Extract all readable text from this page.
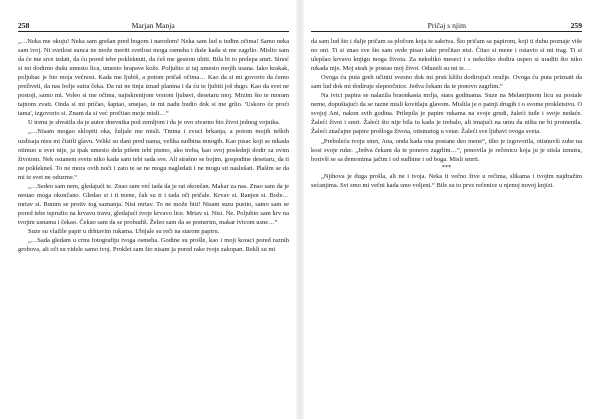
258	Marjan Manja

„…Neka me okuju! Neka sam grešan pred bogom i narodom! Neka sam lud u tuđim očima! Samo neka sam tvoj. Ni svetlost sunca ne može meriti svetlost moga osmeha i duše kada si me zagrlio. Mislio sam da će me srce izdati, da ću pored tebe pokleknuti, da ćeš me gestom ubiti. Bila bi to prelepa smrt. Sinoć si mi dodirno dušu umesto lica, umesto hrapave kože. Poljubio si taj umesto mojih usana. Iako krakak, poljubac je bio moja večnost. Kada me ljubiš, a potom pričaš očima… Kao da si mi govorio da ćemo preživeti, da nas bolje sutra čeka. Da rat ne tinja iznad planina i da ću te ljubiti još dugo. Kao da svet ne postoji, samo mi. Voleo si me očima, najiskrenijom vrstom ljubavi, desetaru moj. Mrzim što te moram tajnom zvati. Onda si mi pričao, šaptao, smejao, te mi nadu budio dok si me grlio. 'Uskoro će proći tama', izgovorio si. Znam da si već pročitao moje misli…“

U trenu je shvatila da je autor dnevnika pod zemljom i da je ovo stvarno bio život jednog vojnika.

„…Nisam mogao sklopiti oka, žuljale me misli. Tmina i zvuci brkanja, a potom mojih teških uzdisaja nisu mi čistili glavu. Veliki su dani pred nama, velika sudbina mnogih. Kao pisac koji se nikada otimuo u svet nije, ja ipak umesto dela pišem tebi pismo, ako treba, kao svoj poslednji dodir sa ovim životom. Nek ostanem svetu niko kada sam tebi sada sve. Ali strašno se bojim, gospodine desetaru, da ti ne pokleknеš. To ne mora ovih noći i zato te se ne mogu nagledati i ne mogu sit naslušati. Plašim se da mi te svet ne oduzme.“

„…Sedeo sam nem, gledajući te. Znao sam već tada da je rat okončan. Makar za nas. Znao sam da je nestao moga okončano. Gledao si i ti mene, čak su ti i tada oči pričale. Krvav si. Ranjen si. Bože… mrtav si. Bunim se protiv tog saznanja. Nisi mrtav. To ne može biti! Nisam suzu pustio, samo sam se pored tebe ispružio na krvavu travu, gledajući tvoje krvavo lice. Mrtav si. Nisi. Ne. Poljubio sam krv na tvojim usnama i čekao. Čekao sam da se probudiš. Želeo sam da se pomerim, makar ivicom usne…“

Suze su vlažile papir u drhtavim rukama. Ubijale su reči na starom papiru.

„…Sada gledam u crnu fotografiju tvoga osmeha. Godine su prošle, kao i moji koraci pored raznih grobova, ali oči su videle samo tvoj. Proklet sam što nisam ja pored rake tvoje zakopan. Rekli su mi

Pričaj s njim	259

da sam lud što i dalje pričam sa pločom koja te sakriva. Što pričam sa papirom, koji ti duhu poznaje više no oni. Ti si znao sve što sam ovde pisao iako pročitao nisi. Čitao si mene i ostavio si mi trag. Ti si ulepšao krvavu knjigu moga života. Za nekoliko meseci i s nekoliko dodira uspeo si uraditi što niko nikada nije. Moj strah je postao moj život. Oduzeli su mi te…

Ovoga ću puta greh učiniti svesno dok mi prsti kližu dodirujući oružje. Ovoga ću puta priznati da sam lud dok mi dodiruje slepoočnice. Jedva čekam da te ponovo zagrlim.“

Na ivici papira se nalazila braonkasta mrlja, stara godinama. Suze na Melanijinom licu su postale neme, dopuštajući da se razne misli kovitlaju glavom. Mislila je o patnji drugih i o svome prokletstvu. O svojoj Ani, nakon svih godina. Prilepila je papire rukama na svoje grudi, žaleći tuđe i svoje nedaće. Žaleći život i smrt. Žaleći što nije bila tu kada je trebalo, ali imajući na umu da ništa ne bi promenila. Žaleći značajne papire prošloga života, otismutog u vetar. Žaleći sve ljubavi ovoga sveta.

„Preboleću tvoju smrt, Ana, onda kada ona postane deo mene“, tiho je izgovorila, otisnuvši zube na kosi svoje ruke. „Jedva čekam da te ponovo zagrlim…“, ponovila je rečenicu koja ju je stisla iznutra, borivši se sa demonima jačim i od sudbine i od boga. Misli smrti.

***

„Njihova je duga prošla, ali ne i tvoja. Neka ti večno žive u rečima, slikama i tvojim najdražim sećanjima. Svi smo mi večni kada smo voljeni.“ Bile su to prve rečenice u njenoj novoj knjizi.
